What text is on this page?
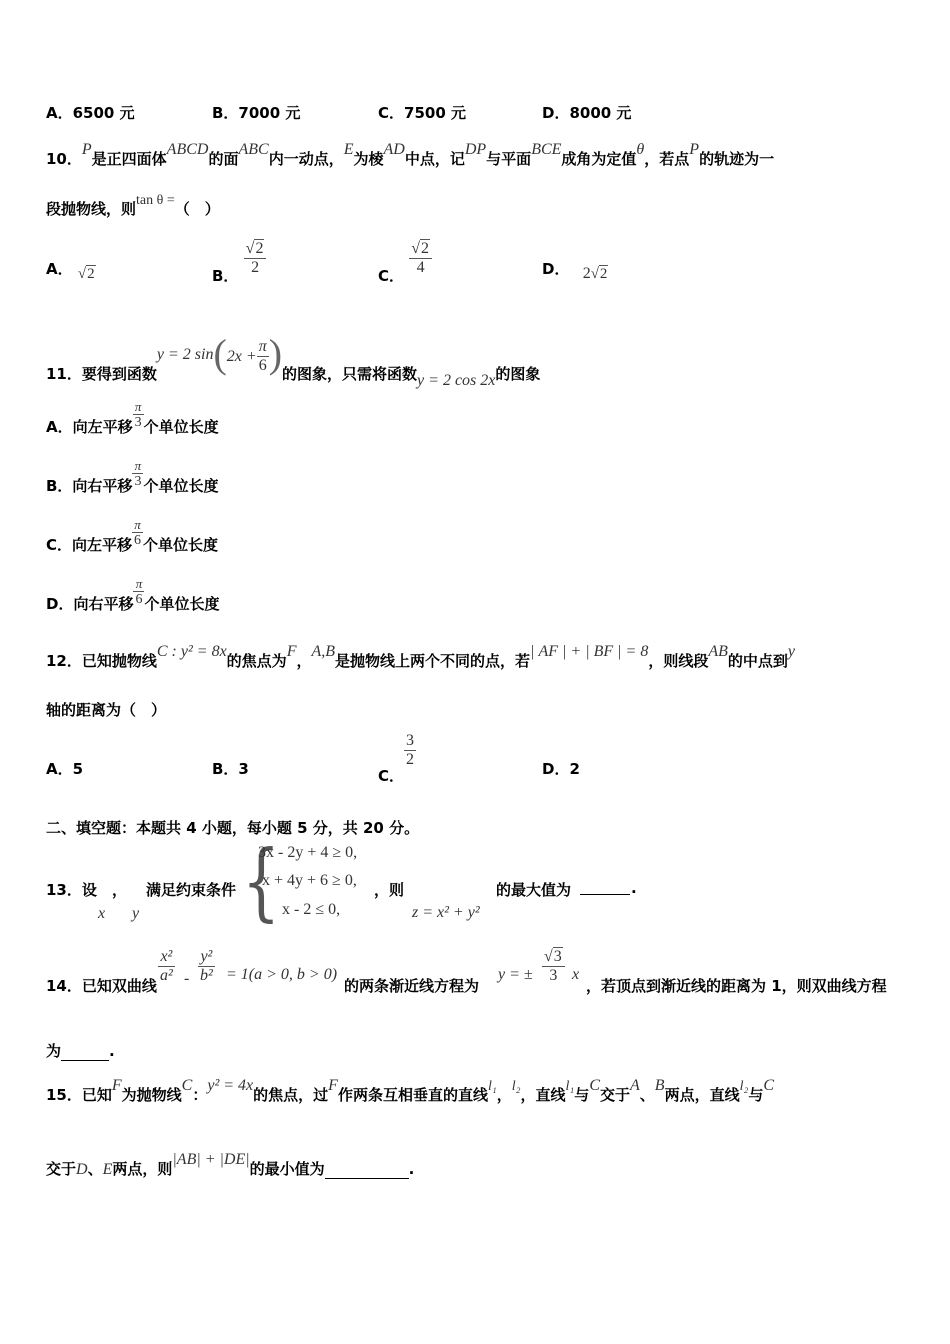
A．6500 元	B．7000 元	C．7500 元	D．8000 元
10．P是正四面体ABCD的面ABC内一动点，E为棱AD中点，记DP与平面BCE成角为定值θ，若点P的轨迹为一
段抛物线，则tan θ =（　）
A． √2	B． $\frac{√2}{2}$	C． $\frac{√2}{4}$	D． 2√2
11．要得到函数y = 2 $\sin(2x + \frac{\pi}{6}$ )的图象，只需将函数y = 2 cos 2x的图象
A．向左平移 $\frac{\pi}{3}$ 个单位长度
B．向右平移 $\frac{\pi}{3}$ 个单位长度
C．向左平移 $\frac{\pi}{6}$ 个单位长度
D．向右平移 $\frac{\pi}{6}$ 个单位长度
12．已知抛物线C : y² = 8x的焦点为F，A,B是抛物线上两个不同的点，若| AF | + | BF | = 8，则线段AB的中点到y
轴的距离为（　）
A．5	B．3	C．
$\frac{3}{2}$
D．2
二、填空题：本题共 4 小题，每小题 5 分，共 20 分。
13．设
x
，
y
满足约束条件 {
3x - 2y + 4 ≥ 0,
x + 4y + 6 ≥ 0,
x - 2 ≤ 0,
，则
z = x² + y²
的最大值为	.
14．已知双曲线
$\frac{\text{x²}}{\text{a²}} - \frac{\text{y²}}{\text{b²}} = 1(a > 0$, b > 0)
的两条渐近线方程为
y = ± $\frac{√3}{3}$ x
，若顶点到渐近线的距离为 1，则双曲线方程
为	.
15．已知F为抛物线C：y² = 4x的焦点，过F作两条互相垂直的直线l₁，l₂，直线l₁与C交于A、B两点，直线l₂与C
交于D、E两点，则|AB| + |DE|的最小值为	.
